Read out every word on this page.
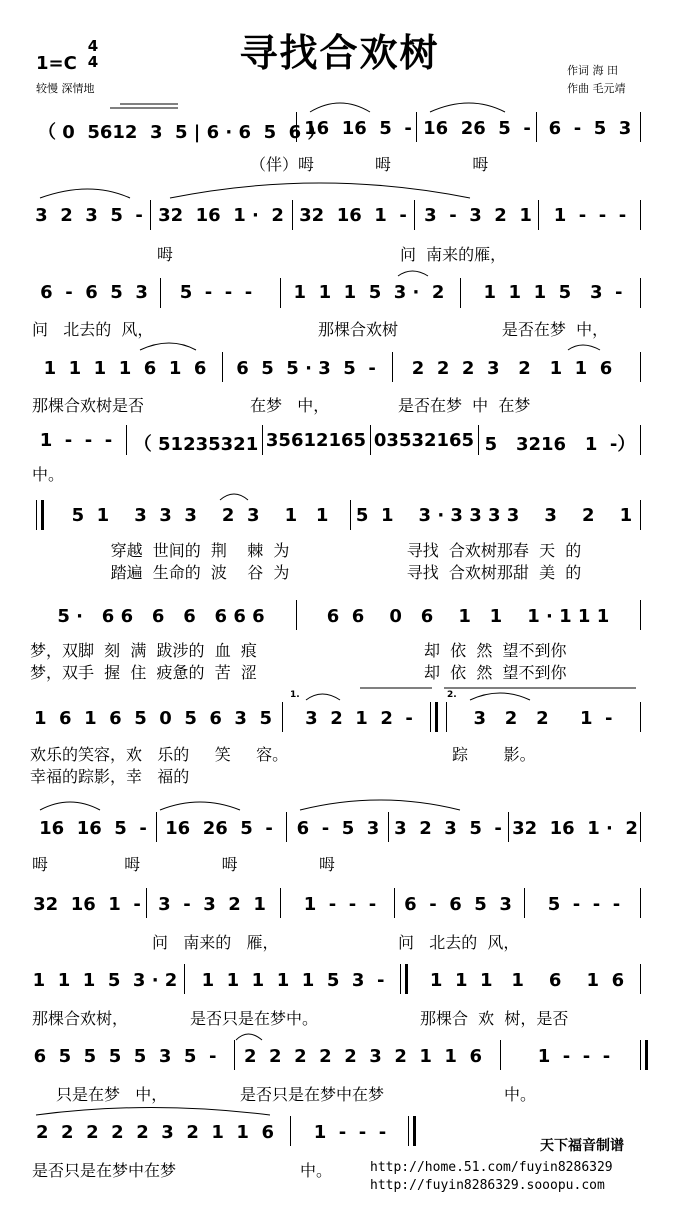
寻找合欢树
1=C
4
4
较慢 深情地
作词 海 田
作曲 毛元靖
（ 0  5612  3  5 | 6 · 6  5  6 ）
16  16  5  - 16  26  5  - 6  -  5  3
（伴）呣            呣                呣
3  2  3  5  - 32  16  1 ·  2 32  16  1  - 3  -  3  2  1	1  -  -  -
呣	问  南来的雁，
6  -  6  5  3	5  -  -  -	1  1  1  5  3 ·  2	1  1  1  5   3  -
问   北去的  风，	那棵合欢树	是否在梦  中，
1  1  1  1  6  1  6	6  5  5 · 3  5  -	2  2  2  3   2   1  1  6
那棵合欢树是否	在梦   中，	是否在梦  中  在梦
1  -  -  -	（ 51235321 35612165 03532165 5   3216   1  -）
中。
5  1    3  3  3    2  3    1   1	5  1    3 · 3 3 3 3    3    2    1
穿越  世间的  荆    棘  为	寻找  合欢树那春  天  的
踏遍  生命的  波    谷  为	寻找  合欢树那甜  美  的
5 ·   6 6   6   6   6 6 6	6  6    0   6    1   1    1 · 1 1 1
梦，双脚  刻  满  跋涉的  血  痕	却  依  然  望不到你
梦，双手  握  住  疲惫的  苦  涩	却  依  然  望不到你
1.	2.
1  6  1  6  5  0  5  6  3  5	3  2  1  2  -	3   2   2     1  -
欢乐的笑容，欢   乐的     笑     容。	踪       影。
幸福的踪影，幸   福的
16  16  5  -	16  26  5  -	6  -  5  3 3  2  3  5  - 32  16  1 ·  2
呣               呣                呣                呣
32  16  1  - 3  -  3  2  1	1  -  -  -	6  -  6  5  3	5  -  -  -
问   南来的   雁，	问   北去的  风，
1  1  1  5  3 · 2	1  1  1  1  1  5  3  -	1  1  1   1    6    1  6
那棵合欢树，	是否只是在梦中。	那棵合  欢  树，是否
6  5  5  5  5  3  5  -	2  2  2  2  2  3  2  1  1  6	1  -  -  -
只是在梦   中，	是否只是在梦中在梦	中。
2  2  2  2  2  3  2  1  1  6	1  -  -  -
是否只是在梦中在梦	中。
天下福音制谱
http://home.51.com/fuyin8286329
http://fuyin8286329.sooopu.com
